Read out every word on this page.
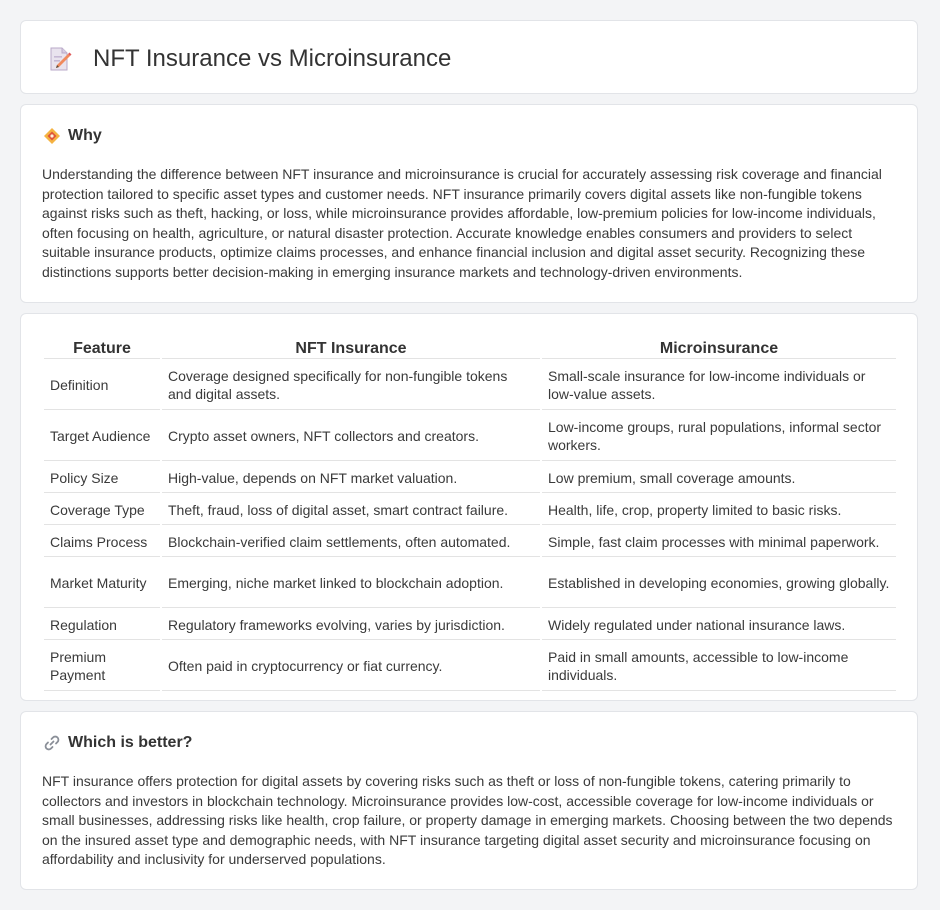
NFT Insurance vs Microinsurance
Why

Understanding the difference between NFT insurance and microinsurance is crucial for accurately assessing risk coverage and financial protection tailored to specific asset types and customer needs. NFT insurance primarily covers digital assets like non-fungible tokens against risks such as theft, hacking, or loss, while microinsurance provides affordable, low-premium policies for low-income individuals, often focusing on health, agriculture, or natural disaster protection. Accurate knowledge enables consumers and providers to select suitable insurance products, optimize claims processes, and enhance financial inclusion and digital asset security. Recognizing these distinctions supports better decision-making in emerging insurance markets and technology-driven environments.

Feature	NFT Insurance	Microinsurance
Definition	Coverage designed specifically for non-fungible tokens and digital assets.	Small-scale insurance for low-income individuals or low-value assets.
Target Audience	Crypto asset owners, NFT collectors and creators.	Low-income groups, rural populations, informal sector workers.
Policy Size	High-value, depends on NFT market valuation.	Low premium, small coverage amounts.
Coverage Type	Theft, fraud, loss of digital asset, smart contract failure.	Health, life, crop, property limited to basic risks.
Claims Process	Blockchain-verified claim settlements, often automated.	Simple, fast claim processes with minimal paperwork.
Market Maturity	Emerging, niche market linked to blockchain adoption.	Established in developing economies, growing globally.
Regulation	Regulatory frameworks evolving, varies by jurisdiction.	Widely regulated under national insurance laws.
Premium Payment	Often paid in cryptocurrency or fiat currency.	Paid in small amounts, accessible to low-income individuals.
Which is better?

NFT insurance offers protection for digital assets by covering risks such as theft or loss of non-fungible tokens, catering primarily to collectors and investors in blockchain technology. Microinsurance provides low-cost, accessible coverage for low-income individuals or small businesses, addressing risks like health, crop failure, or property damage in emerging markets. Choosing between the two depends on the insured asset type and demographic needs, with NFT insurance targeting digital asset security and microinsurance focusing on affordability and inclusivity for underserved populations.
